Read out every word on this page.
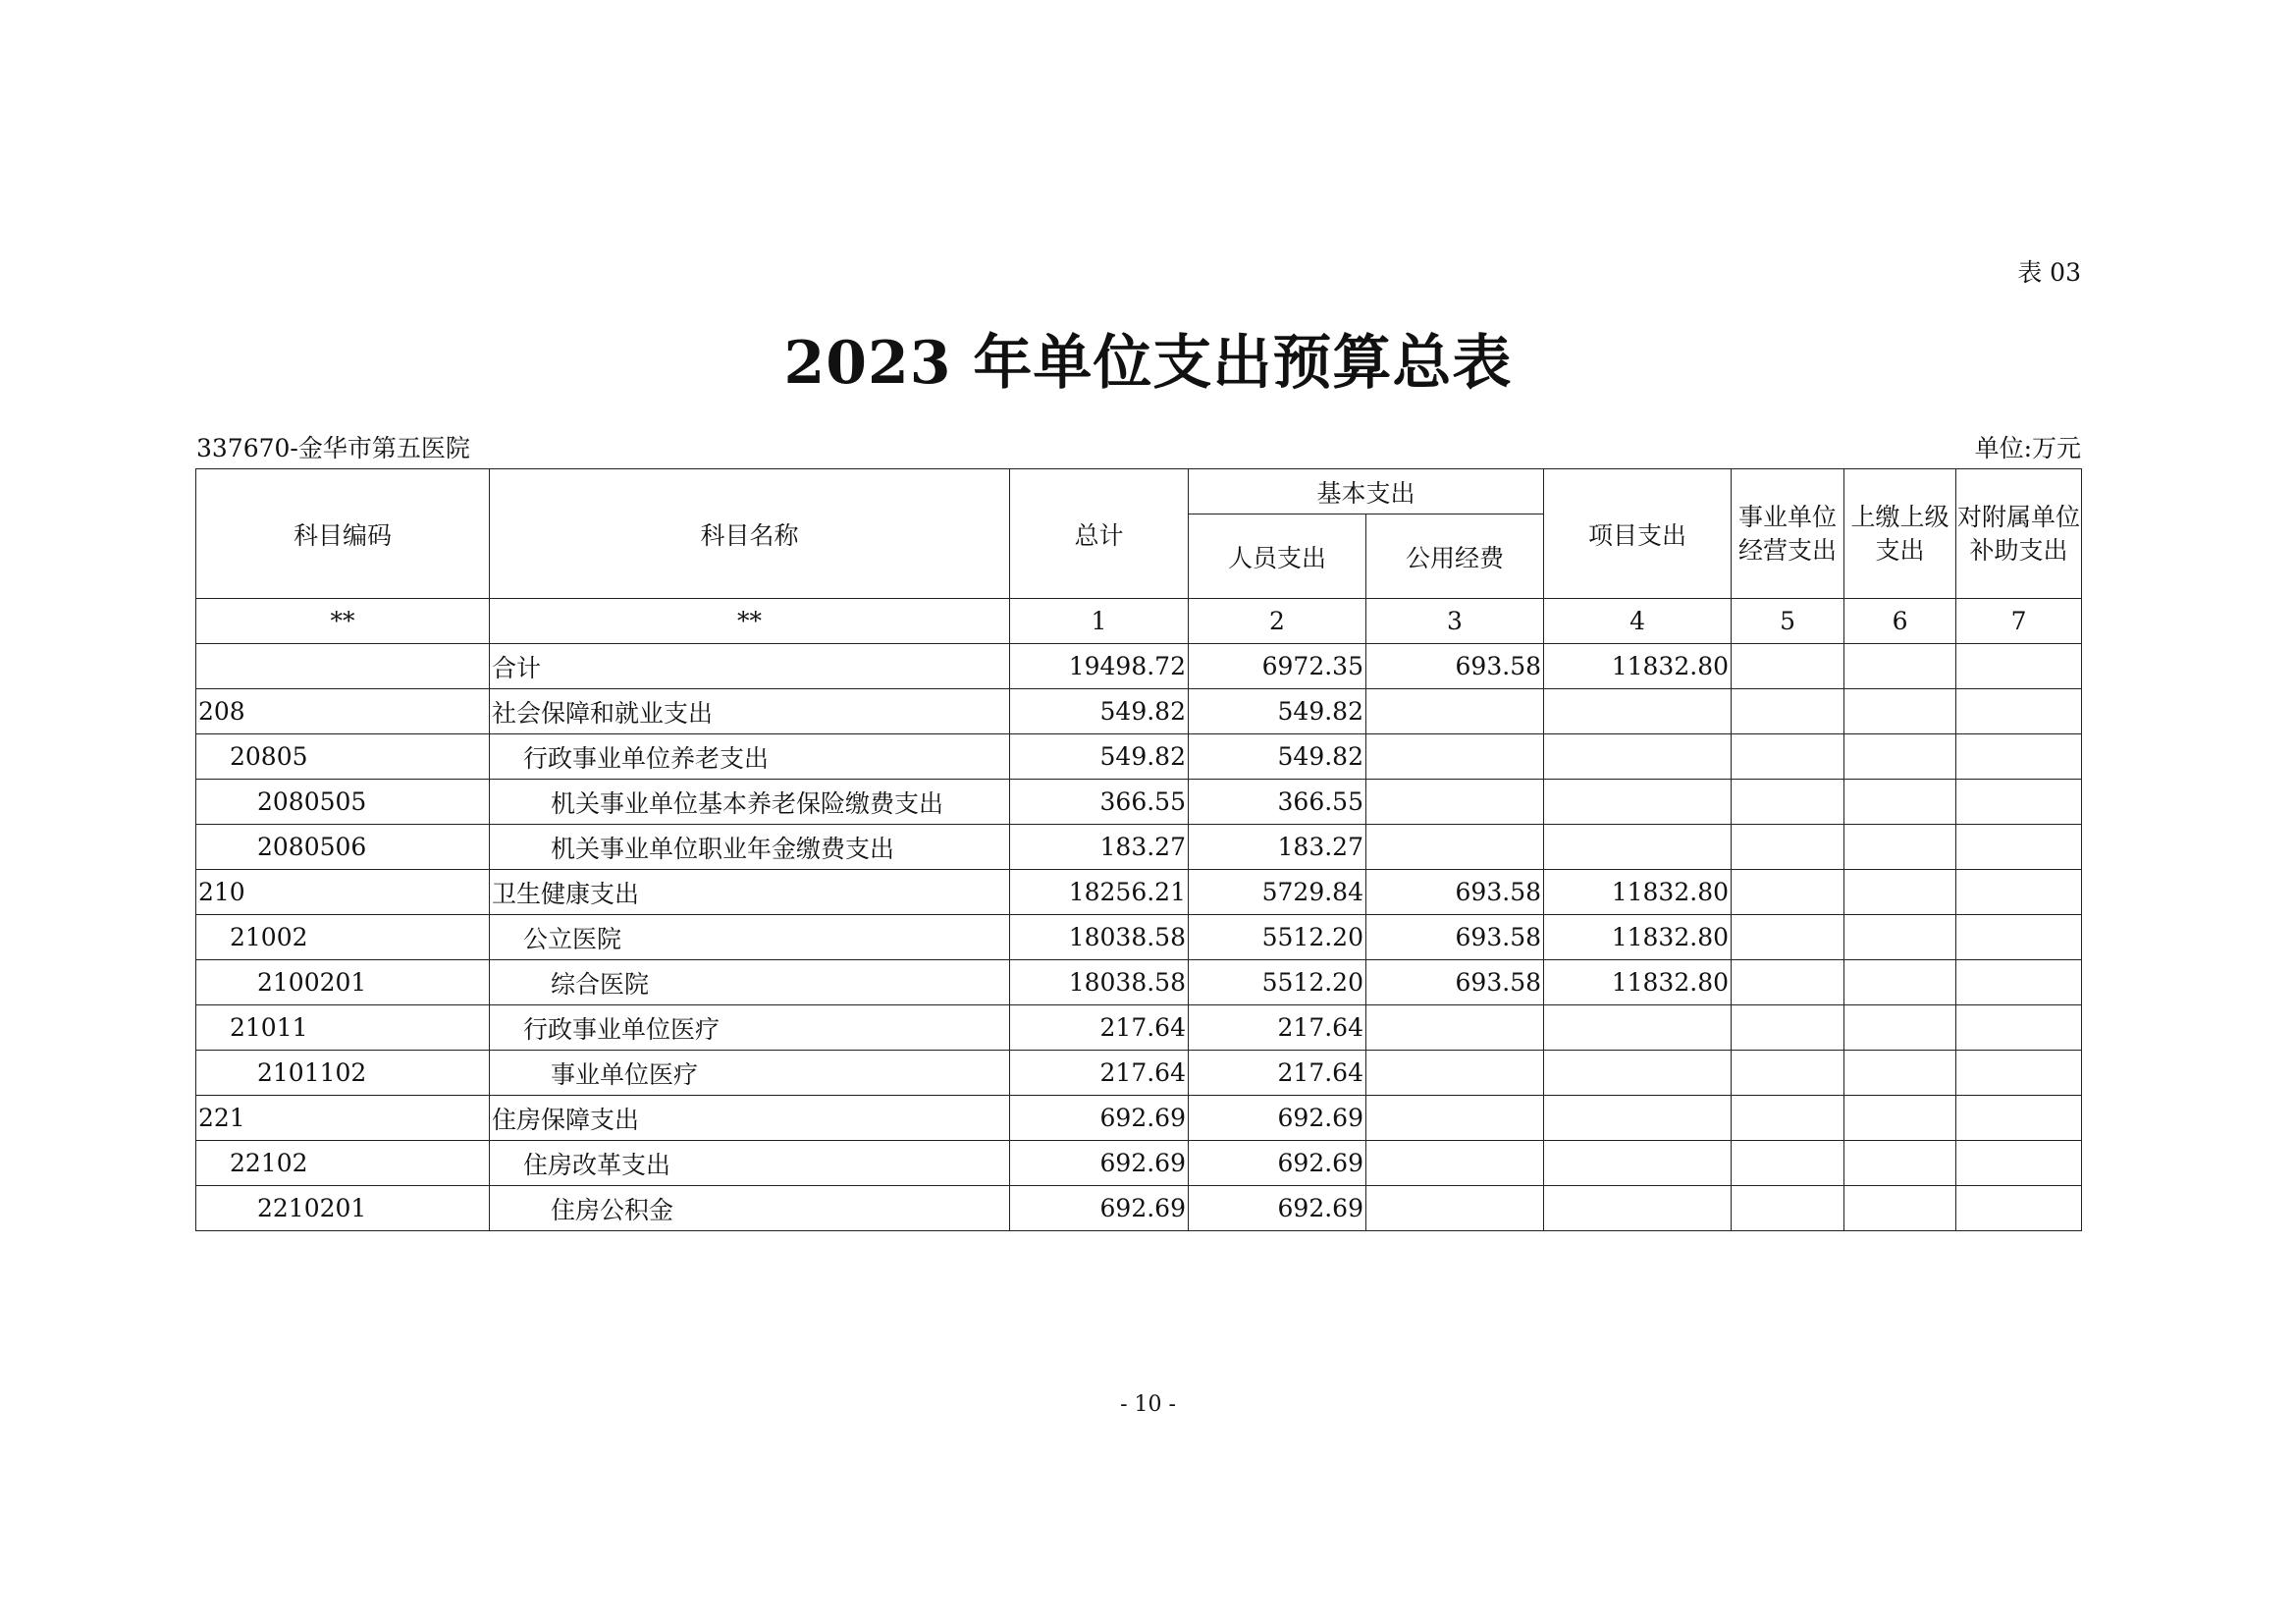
表 03
2023 年单位支出预算总表
337670-金华市第五医院	单位:万元
科目编码	科目名称	总计	基本支出		项目支出	事业单位经营支出	上缴上级支出	对附属单位补助支出
			人员支出	公用经费				
**	**	1	2	3	4	5	6	7
	合计	19498.72	6972.35	693.58	11832.80			
208	社会保障和就业支出	549.82	549.82					
20805	行政事业单位养老支出	549.82	549.82					
2080505	机关事业单位基本养老保险缴费支出	366.55	366.55					
2080506	机关事业单位职业年金缴费支出	183.27	183.27					
210	卫生健康支出	18256.21	5729.84	693.58	11832.80			
21002	公立医院	18038.58	5512.20	693.58	11832.80			
2100201	综合医院	18038.58	5512.20	693.58	11832.80			
21011	行政事业单位医疗	217.64	217.64					
2101102	事业单位医疗	217.64	217.64					
221	住房保障支出	692.69	692.69					
22102	住房改革支出	692.69	692.69					
2210201	住房公积金	692.69	692.69					
- 10 -
